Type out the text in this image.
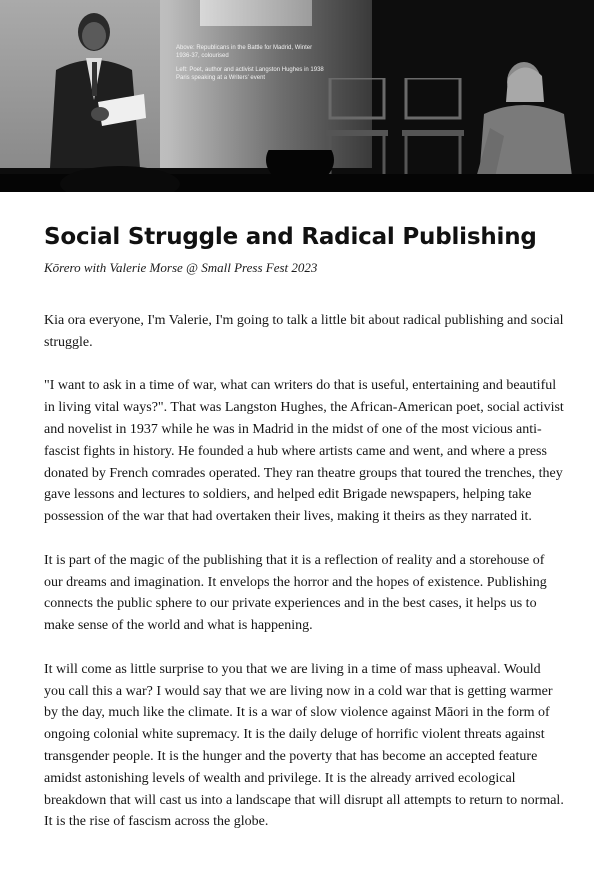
Above: Republicans in the Battle for Madrid, Winter 1936-37, colourised

Left: Poet, author and activist Langston Hughes in 1938 Paris speaking at a Writers' event

Social Struggle and Radical Publishing

Kōrero with Valerie Morse @ Small Press Fest 2023

Kia ora everyone, I'm Valerie, I'm going to talk a little bit about radical publishing and social struggle.

"I want to ask in a time of war, what can writers do that is useful, entertaining and beautiful in living vital ways?". That was Langston Hughes, the African-American poet, social activist and novelist in 1937 while he was in Madrid in the midst of one of the most vicious anti-fascist fights in history. He founded a hub where artists came and went, and where a press donated by French comrades operated. They ran theatre groups that toured the trenches, they gave lessons and lectures to soldiers, and helped edit Brigade newspapers, helping take possession of the war that had overtaken their lives, making it theirs as they narrated it.

It is part of the magic of the publishing that it is a reflection of reality and a storehouse of our dreams and imagination. It envelops the horror and the hopes of existence. Publishing connects the public sphere to our private experiences and in the best cases, it helps us to make sense of the world and what is happening.

It will come as little surprise to you that we are living in a time of mass upheaval. Would you call this a war? I would say that we are living now in a cold war that is getting warmer by the day, much like the climate. It is a war of slow violence against Māori in the form of ongoing colonial white supremacy. It is the daily deluge of horrific violent threats against transgender people. It is the hunger and the poverty that has become an accepted feature amidst astonishing levels of wealth and privilege. It is the already arrived ecological breakdown that will cast us into a landscape that will disrupt all attempts to return to normal. It is the rise of fascism across the globe.
